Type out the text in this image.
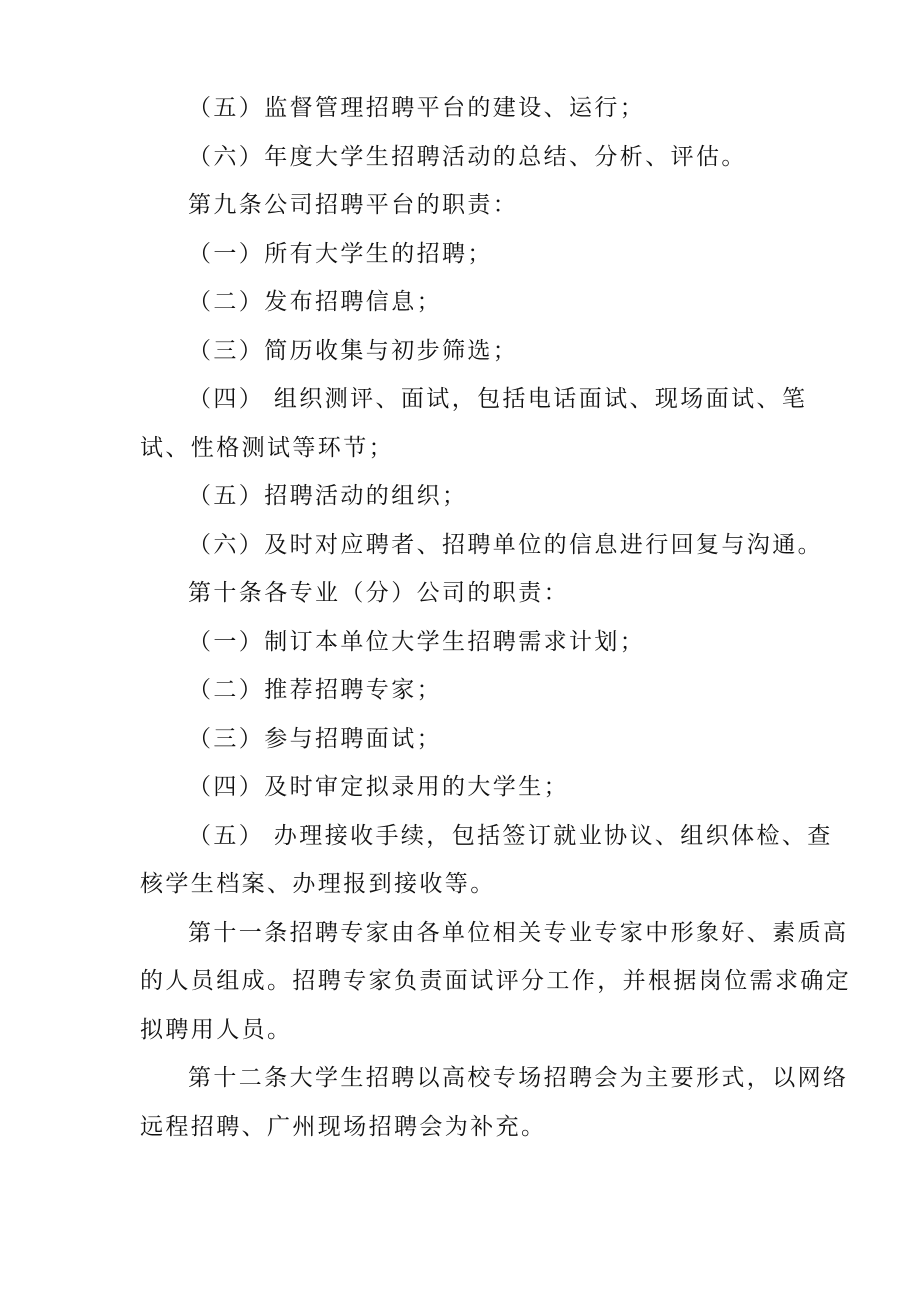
（五）监督管理招聘平台的建设、运行；

（六）年度大学生招聘活动的总结、分析、评估。

第九条公司招聘平台的职责：

（一）所有大学生的招聘；

（二）发布招聘信息；

（三）简历收集与初步筛选；

（四） 组织测评、面试，包括电话面试、现场面试、笔

试、性格测试等环节；

（五）招聘活动的组织；

（六）及时对应聘者、招聘单位的信息进行回复与沟通。

第十条各专业（分）公司的职责：

（一）制订本单位大学生招聘需求计划；

（二）推荐招聘专家；

（三）参与招聘面试；

（四）及时审定拟录用的大学生；

（五） 办理接收手续，包括签订就业协议、组织体检、查

核学生档案、办理报到接收等。

第十一条招聘专家由各单位相关专业专家中形象好、素质高

的人员组成。招聘专家负责面试评分工作，并根据岗位需求确定

拟聘用人员。

第十二条大学生招聘以高校专场招聘会为主要形式，以网络

远程招聘、广州现场招聘会为补充。
